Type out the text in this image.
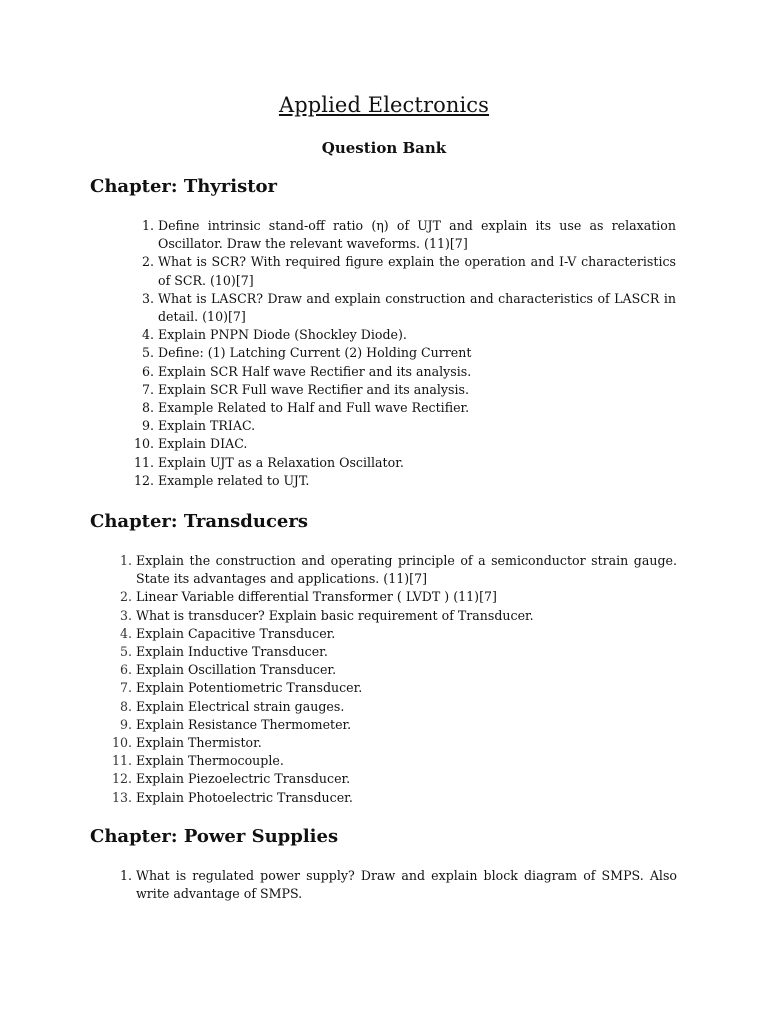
Applied Electronics

Question Bank

Chapter: Thyristor
1. Define intrinsic stand-off ratio (η) of UJT and explain its use as relaxation Oscillator. Draw the relevant waveforms. (11)[7]
2. What is SCR? With required figure explain the operation and I-V characteristics of SCR. (10)[7]
3. What is LASCR? Draw and explain construction and characteristics of LASCR in detail. (10)[7]
4. Explain PNPN Diode (Shockley Diode).
5. Define: (1) Latching Current (2) Holding Current
6. Explain SCR Half wave Rectifier and its analysis.
7. Explain SCR Full wave Rectifier and its analysis.
8. Example Related to Half and Full wave Rectifier.
9. Explain TRIAC.
10. Explain DIAC.
11. Explain UJT as a Relaxation Oscillator.
12. Example related to UJT.
Chapter: Transducers
1. Explain the construction and operating principle of a semiconductor strain gauge. State its advantages and applications. (11)[7]
2. Linear Variable differential Transformer ( LVDT ) (11)[7]
3. What is transducer? Explain basic requirement of Transducer.
4. Explain Capacitive Transducer.
5. Explain Inductive Transducer.
6. Explain Oscillation Transducer.
7. Explain Potentiometric Transducer.
8. Explain Electrical strain gauges.
9. Explain Resistance Thermometer.
10. Explain Thermistor.
11. Explain Thermocouple.
12. Explain Piezoelectric Transducer.
13. Explain Photoelectric Transducer.
Chapter: Power Supplies
1. What is regulated power supply? Draw and explain block diagram of SMPS. Also write advantage of SMPS.
